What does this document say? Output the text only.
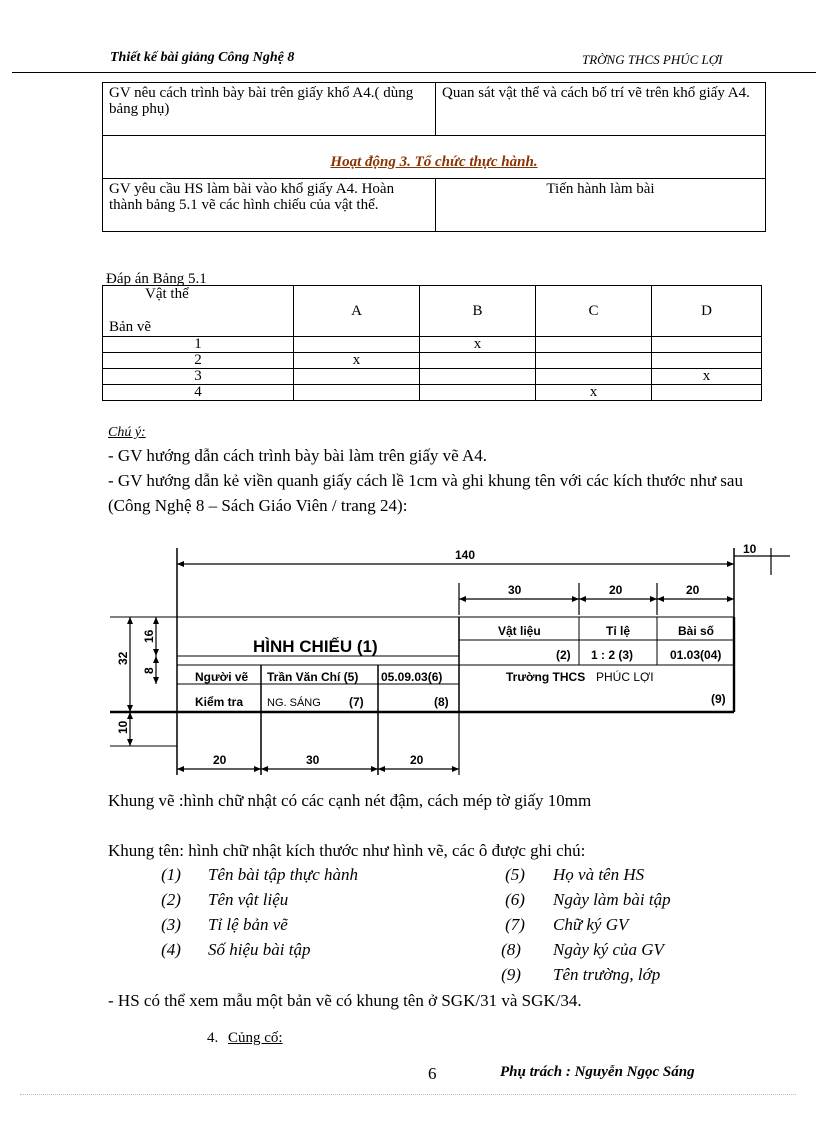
Thiết kế bài giảng Công Nghệ 8	TRỜNG THCS PHÚC LỢI
GV nêu cách trình bày bài trên giấy khổ A4.( dùng bảng phụ)	Quan sát vật thể và cách bố trí vẽ trên khổ giấy A4.
Hoạt động 3. Tổ chức thực hành.	
GV yêu cầu HS làm bài vào khổ giấy A4. Hoàn thành bảng 5.1 vẽ các hình chiếu của vật thể.	Tiến hành làm bài
Đáp án Bảng 5.1
Vật thể
Bản vẽ	A	B	C	D
1		x		
2	x			
3				x
4			x	
Chú ý:
- GV hướng dẫn cách trình bày bài làm trên giấy vẽ A4.
- GV hướng dẫn kẻ viền quanh giấy cách lề 1cm và ghi khung tên với các kích thước như sau (Công Nghệ 8 – Sách Giáo Viên / trang 24):
140	10
30	20	20
32
16
8
10
20	30	20
HÌNH CHIẾU (1)
Vật liệu	Tỉ lệ	Bài số
(2) 1 : 2 (3)	01.03(04)
Người vẽ Trần Văn Chí (5) 05.09.03(6)	Trường THCS PHÚC LỢI
Kiểm tra NG. SÁNG (7)	(8)	(9)
Khung vẽ :hình chữ nhật có các cạnh nét đậm, cách mép tờ giấy 10mm
Khung tên: hình chữ nhật kích thước như hình vẽ, các ô được ghi chú:
(1) Tên bài tập thực hành
(2) Tên vật liệu
(3) Tỉ lệ bản vẽ
(4) Số hiệu bài tập
(5) Họ và tên HS
(6) Ngày làm bài tập
(7) Chữ ký GV
(8) Ngày ký của GV
(9) Tên trường, lớp
- HS có thể xem mẫu một bản vẽ có khung tên ở SGK/31 và SGK/34.
4. Củng cố:
6	Phụ trách : Nguyễn Ngọc Sáng
